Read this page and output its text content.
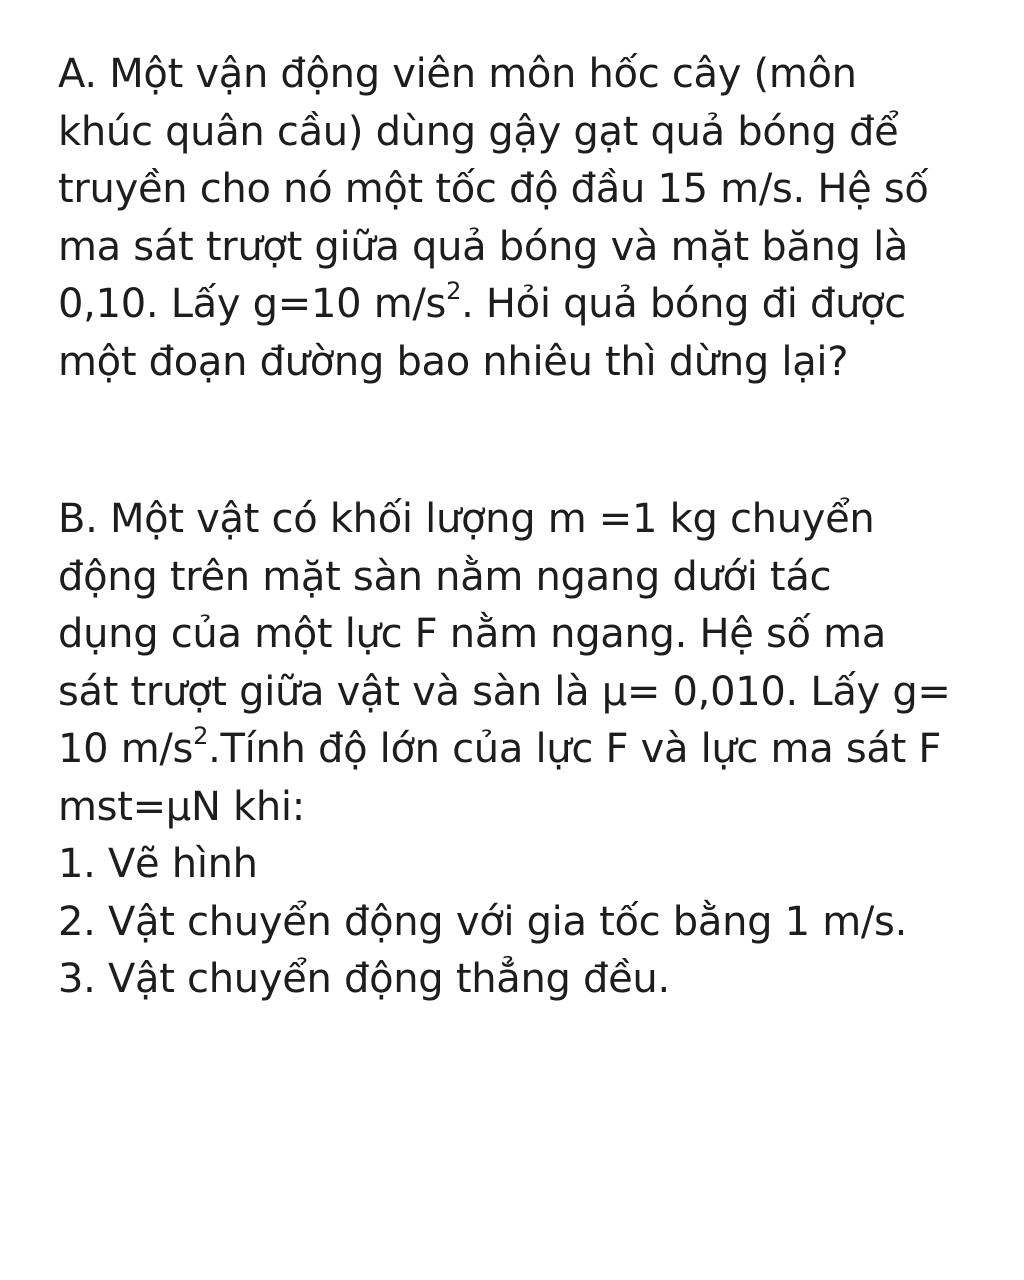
A. Một vận động viên môn hốc cây (môn
khúc quân cầu) dùng gậy gạt quả bóng để
truyền cho nó một tốc độ đầu 15 m/s. Hệ số
ma sát trượt giữa quả bóng và mặt băng là
0,10. Lấy g=10 $m/s^2$. Hỏi quả bóng đi được
một đoạn đường bao nhiêu thì dừng lại?
B. Một vật có khối lượng m =1 kg chuyển
động trên mặt sàn nằm ngang dưới tác
dụng của một lực F nằm ngang. Hệ số ma
sát trượt giữa vật và sàn là µ= 0,010. Lấy g=
10 $m/s^2.Tính$ độ lớn của lực F và lực ma sát F
mst=µN khi:
1. Vẽ hình
2. Vật chuyển động với gia tốc bằng 1 m/s.
3. Vật chuyển động thẳng đều.
